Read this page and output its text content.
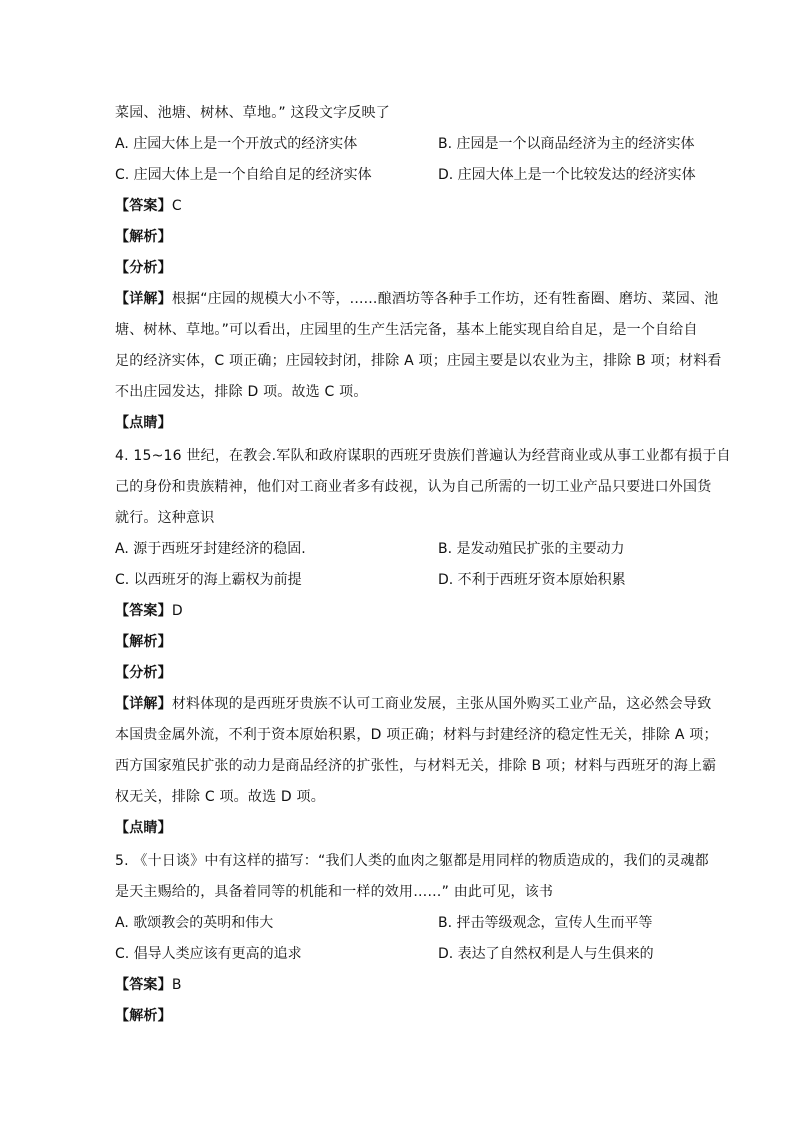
菜园、池塘、树林、草地。” 这段文字反映了
A. 庄园大体上是一个开放式的经济实体	B. 庄园是一个以商品经济为主的经济实体
C. 庄园大体上是一个自给自足的经济实体	D. 庄园大体上是一个比较发达的经济实体
【答案】C
【解析】
【分析】
【详解】根据“庄园的规模大小不等，......酿酒坊等各种手工作坊，还有牲畜圈、磨坊、菜园、池
塘、树林、草地。”可以看出，庄园里的生产生活完备，基本上能实现自给自足，是一个自给自
足的经济实体，C 项正确；庄园较封闭，排除 A 项；庄园主要是以农业为主，排除 B 项；材料看
不出庄园发达，排除 D 项。故选 C 项。
【点睛】
4. 15~16 世纪，在教会.军队和政府谋职的西班牙贵族们普遍认为经营商业或从事工业都有损于自
己的身份和贵族精神，他们对工商业者多有歧视，认为自己所需的一切工业产品只要进口外国货
就行。这种意识
A. 源于西班牙封建经济的稳固.	B. 是发动殖民扩张的主要动力
C. 以西班牙的海上霸权为前提	D. 不利于西班牙资本原始积累
【答案】D
【解析】
【分析】
【详解】材料体现的是西班牙贵族不认可工商业发展，主张从国外购买工业产品，这必然会导致
本国贵金属外流，不利于资本原始积累，D 项正确；材料与封建经济的稳定性无关，排除 A 项；
西方国家殖民扩张的动力是商品经济的扩张性，与材料无关，排除 B 项；材料与西班牙的海上霸
权无关，排除 C 项。故选 D 项。
【点睛】
5. 《十日谈》中有这样的描写：“我们人类的血肉之躯都是用同样的物质造成的，我们的灵魂都
是天主赐给的，具备着同等的机能和一样的效用……” 由此可见，该书
A. 歌颂教会的英明和伟大	B. 抨击等级观念，宣传人生而平等
C. 倡导人类应该有更高的追求	D. 表达了自然权利是人与生俱来的
【答案】B
【解析】
